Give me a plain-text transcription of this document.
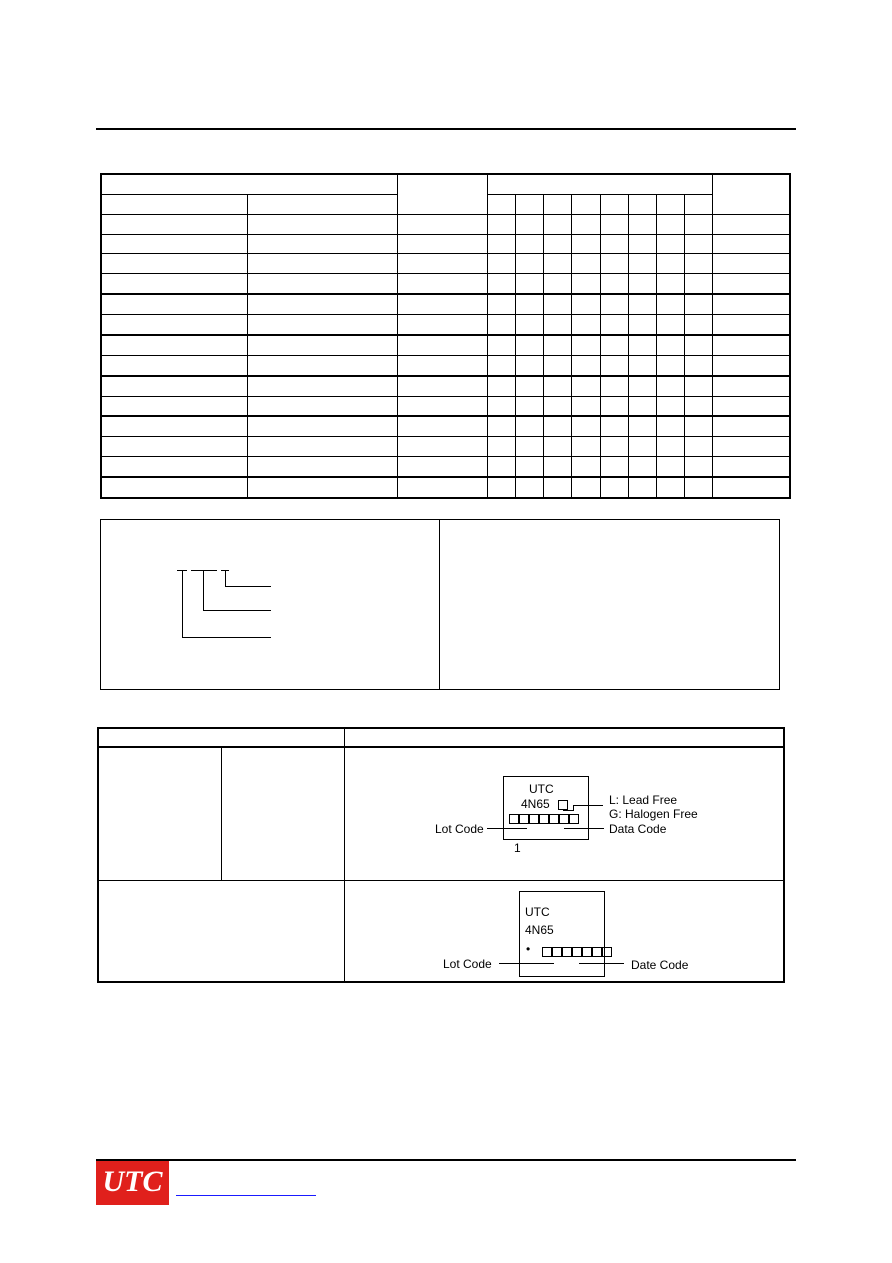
UTC
4N65
1
L: Lead Free
G: Halogen Free
Lot Code	Data Code
UTC
4N65
•
Lot Code	Date Code
UTC
